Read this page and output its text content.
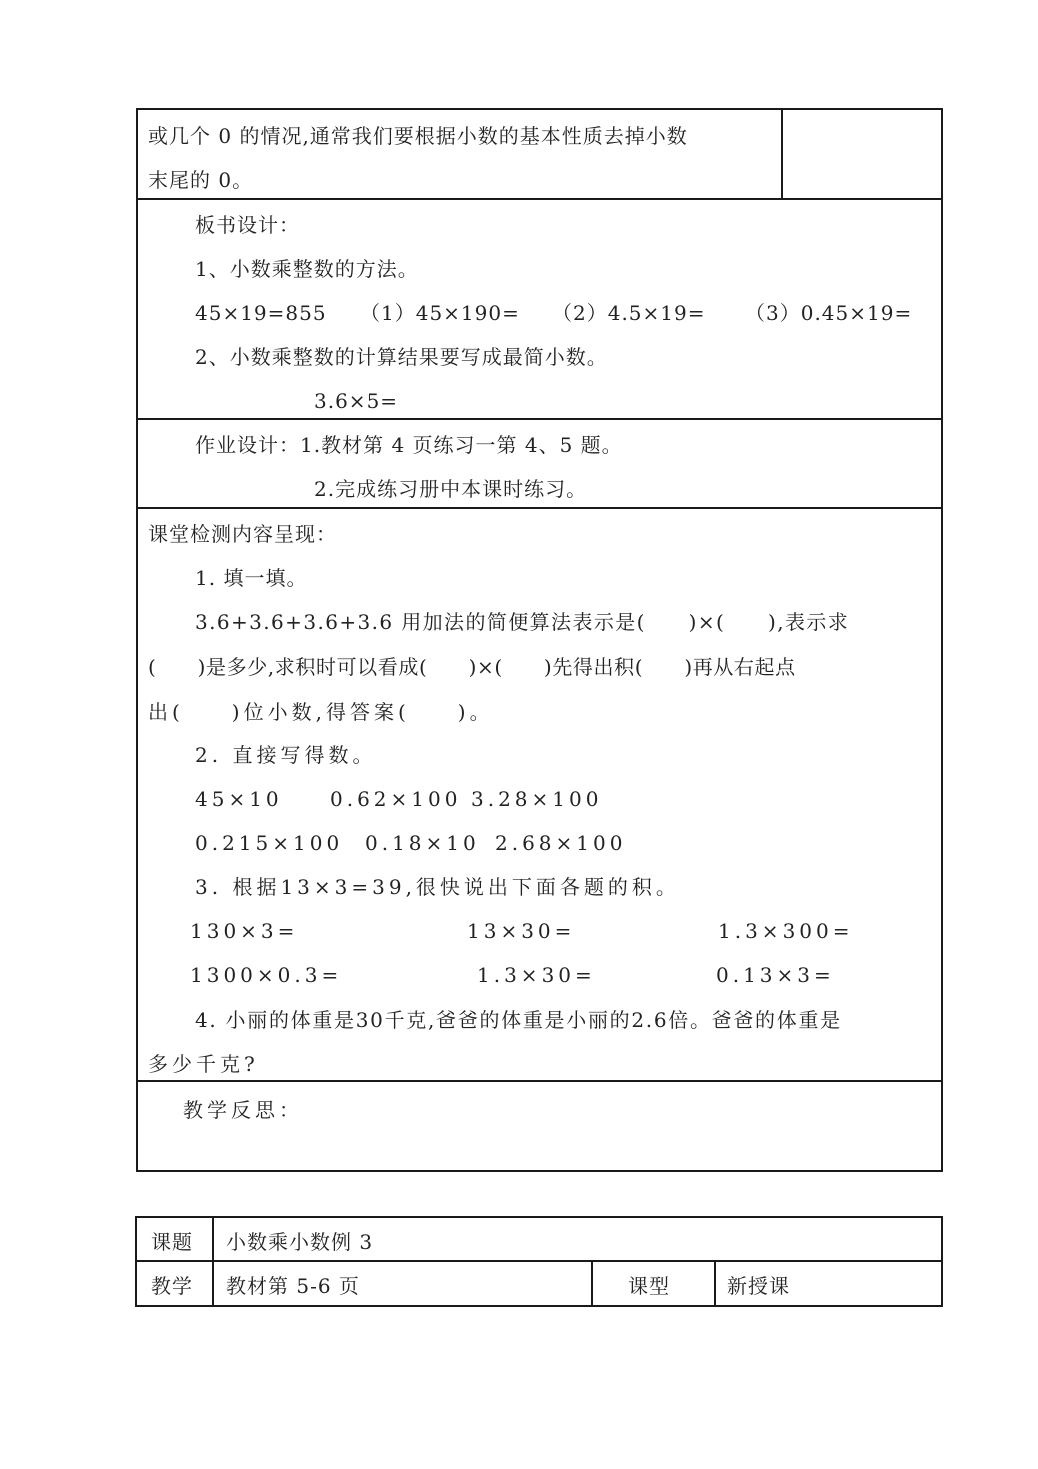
或几个 0 的情况,通常我们要根据小数的基本性质去掉小数
末尾的 0。
板书设计：
1、小数乘整数的方法。
45×19=855 （1）45×190= （2）4.5×19= （3）0.45×19=
2、小数乘整数的计算结果要写成最简小数。
3.6×5=
作业设计：1.教材第 4 页练习一第 4、5 题。
2.完成练习册中本课时练习。
课堂检测内容呈现：
1. 填一填。
3.6+3.6+3.6+3.6 用加法的简便算法表示是(　　)×(　　),表示求
(　　)是多少,求积时可以看成(　　)×(　　)先得出积(　　)再从右起点
出(　　)位小数,得答案(　　)。
2. 直接写得数。
45×10 0.62×100 3.28×100
0.215×100 0.18×10 2.68×100
3. 根据13×3=39,很快说出下面各题的积。
130×3=	13×30=	1.3×300=
1300×0.3=	1.3×30=	0.13×3=
4. 小丽的体重是30千克,爸爸的体重是小丽的2.6倍。爸爸的体重是
多少千克?
教学反思：
课题 小数乘小数例 3
教学 教材第 5-6 页	课型	新授课
